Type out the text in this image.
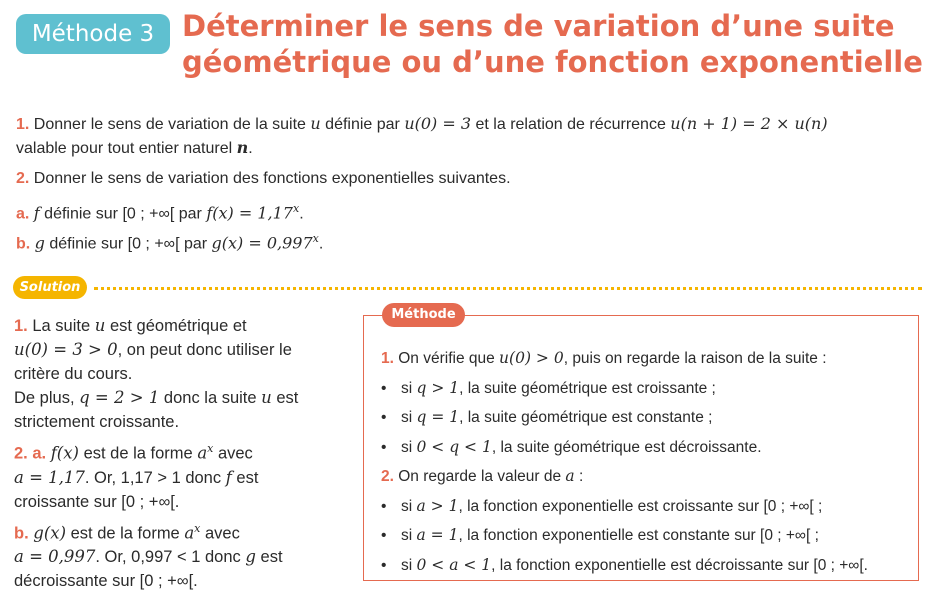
Méthode 3 Déterminer le sens de variation d’une suite
géométrique ou d’une fonction exponentielle
1. Donner le sens de variation de la suite u définie par u(0) = 3 et la relation de récurrence u(n + 1) = 2 × u(n)
valable pour tout entier naturel n.
2. Donner le sens de variation des fonctions exponentielles suivantes.
a. f définie sur [0 ; +∞[ par $f(x) = 1,17^x$.
b. g définie sur [0 ; +∞[ par $g(x) = 0,997^x$.
Solution
1. La suite u est géométrique et
u(0) = 3 > 0, on peut donc utiliser le
critère du cours.
De plus, q = 2 > 1 donc la suite u est
strictement croissante.
2. a. f(x) est de la forme $a^x$ avec
a = 1,17. Or, 1,17 > 1 donc f est
croissante sur [0 ; +∞[.
b. g(x) est de la forme $a^x$ avec
a = 0,997. Or, 0,997 < 1 donc g est
décroissante sur [0 ; +∞[.
Méthode
1. On vérifie que u(0) > 0, puis on regarde la raison de la suite :
• si q > 1, la suite géométrique est croissante ;
• si q = 1, la suite géométrique est constante ;
• si 0 < q < 1, la suite géométrique est décroissante.
2. On regarde la valeur de a :
• si a > 1, la fonction exponentielle est croissante sur [0 ; +∞[ ;
• si a = 1, la fonction exponentielle est constante sur [0 ; +∞[ ;
• si 0 < a < 1, la fonction exponentielle est décroissante sur [0 ; +∞[.
